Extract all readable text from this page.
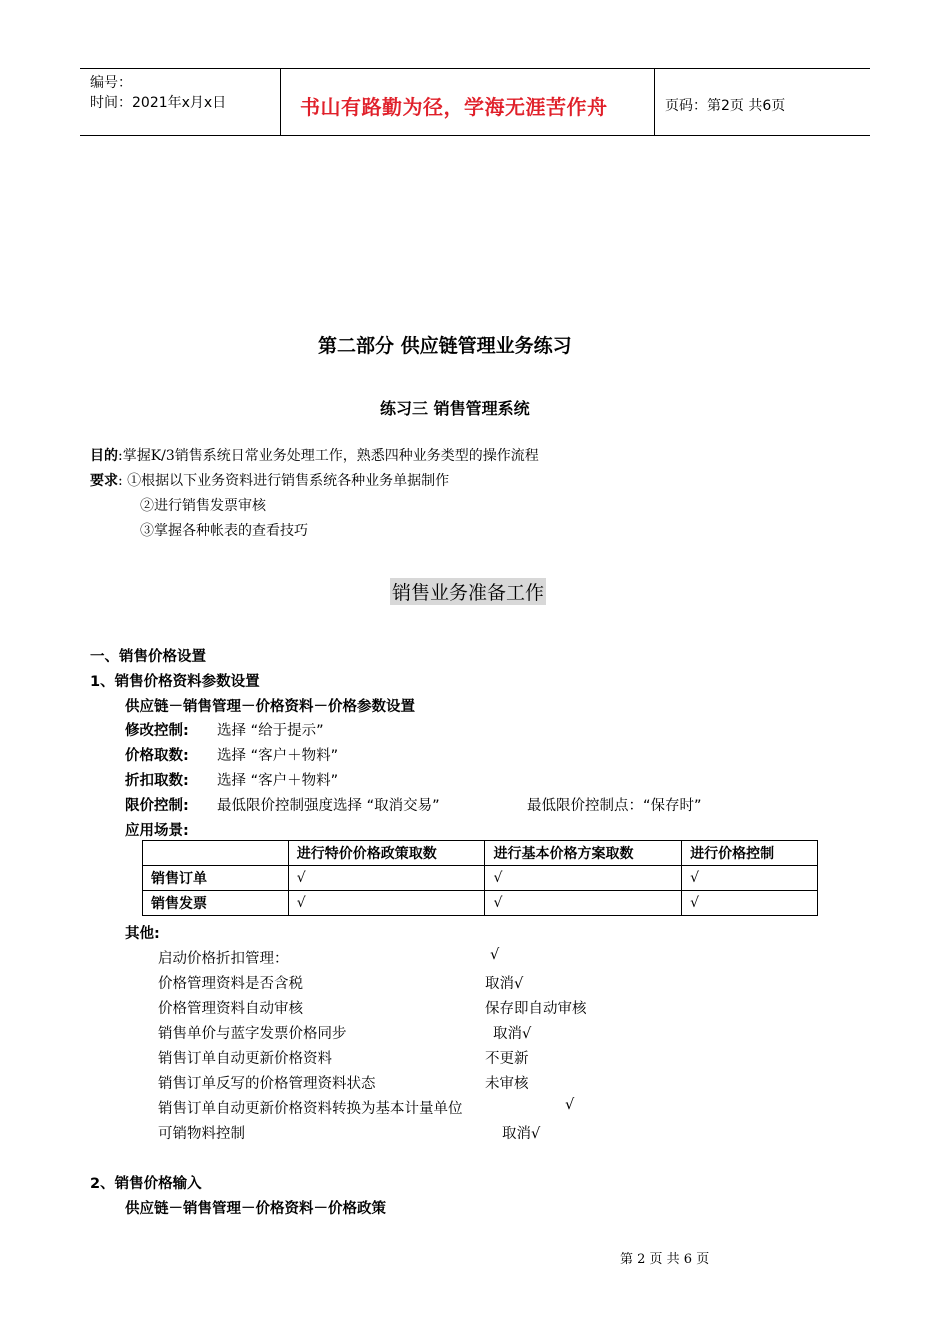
编号：
时间：2021年x月x日	书山有路勤为径，学海无涯苦作舟	页码：第2页 共6页
第二部分 供应链管理业务练习
练习三 销售管理系统
目的:掌握K/3销售系统日常业务处理工作，熟悉四种业务类型的操作流程
要求: ①根据以下业务资料进行销售系统各种业务单据制作
②进行销售发票审核
③掌握各种帐表的查看技巧
销售业务准备工作
一、销售价格设置
1、销售价格资料参数设置
供应链－销售管理－价格资料－价格参数设置
修改控制: 选择 “给于提示”
价格取数: 选择 “客户＋物料”
折扣取数: 选择 “客户＋物料”
限价控制: 最低限价控制强度选择 “取消交易”	最低限价控制点：“保存时”
应用场景:
	进行特价价格政策取数	进行基本价格方案取数	进行价格控制
销售订单	√	√	√
销售发票	√	√	√
其他:
启动价格折扣管理：	√
价格管理资料是否含税	取消√
价格管理资料自动审核	保存即自动审核
销售单价与蓝字发票价格同步	取消√
销售订单自动更新价格资料	不更新
销售订单反写的价格管理资料状态	未审核
销售订单自动更新价格资料转换为基本计量单位	√
可销物料控制	取消√
2、销售价格输入
供应链－销售管理－价格资料－价格政策
第 2 页 共 6 页
